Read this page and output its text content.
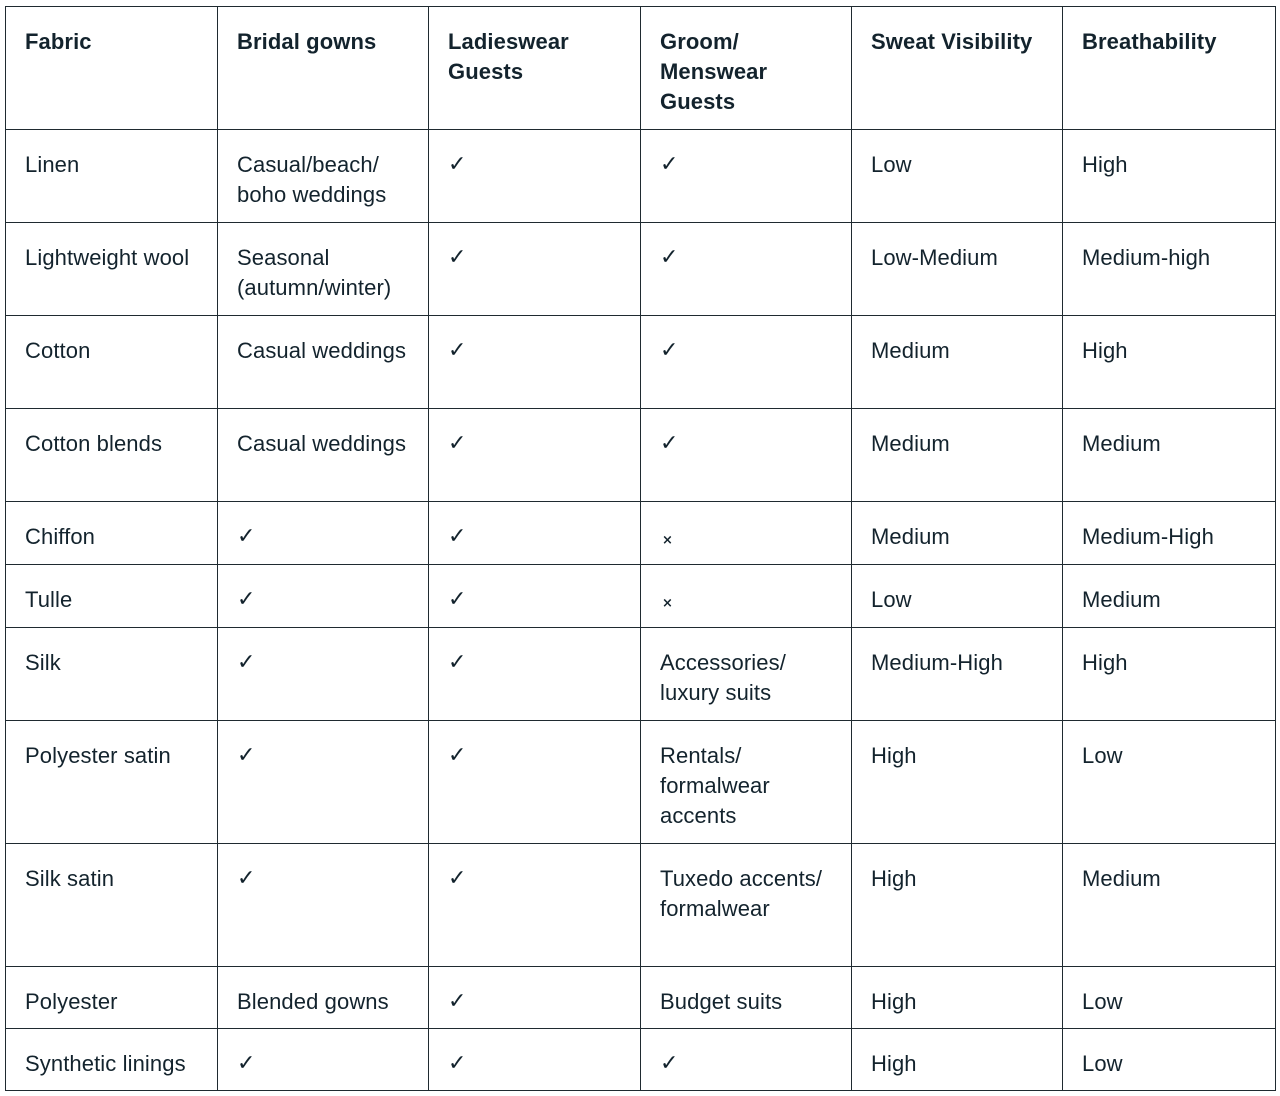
Fabric	Bridal gowns	Ladieswear Guests	Groom/ Menswear Guests	Sweat Visibility	Breathability
Linen	Casual/beach/ boho weddings	✓	✓	Low	High
Lightweight wool	Seasonal (autumn/winter)	✓	✓	Low-Medium	Medium-high
Cotton	Casual weddings	✓	✓	Medium	High
Cotton blends	Casual weddings	✓	✓	Medium	Medium
Chiffon	✓	✓	×	Medium	Medium-High
Tulle	✓	✓	×	Low	Medium
Silk	✓	✓	Accessories/ luxury suits	Medium-High	High
Polyester satin	✓	✓	Rentals/ formalwear accents	High	Low
Silk satin	✓	✓	Tuxedo accents/ formalwear	High	Medium
Polyester	Blended gowns	✓	Budget suits	High	Low
Synthetic linings	✓	✓	✓	High	Low
